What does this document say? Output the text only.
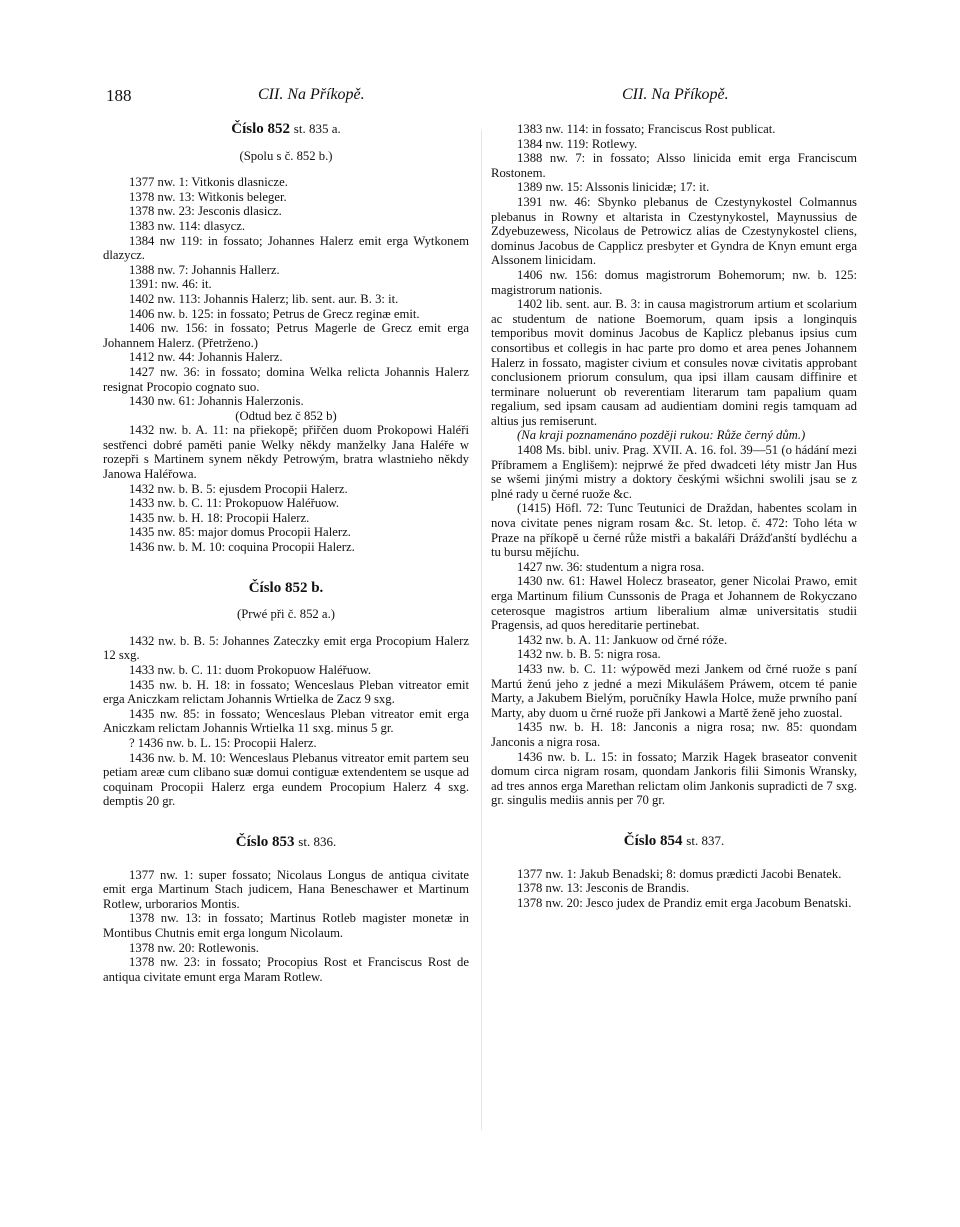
188	CII. Na Příkopě.	CII. Na Příkopě.
Číslo 852 st. 835 a.
(Spolu s č. 852 b.)

1377 nw. 1: Vitkonis dlasnicze.

1378 nw. 13: Witkonis beleger.

1378 nw. 23: Jesconis dlasicz.

1383 nw. 114: dlasycz.

1384 nw 119: in fossato; Johannes Halerz emit erga Wytkonem dlazycz.

1388 nw. 7: Johannis Hallerz.

1391: nw. 46: it.

1402 nw. 113: Johannis Halerz; lib. sent. aur. B. 3: it.

1406 nw. b. 125: in fossato; Petrus de Grecz reginæ emit.

1406 nw. 156: in fossato; Petrus Magerle de Grecz emit erga Johannem Halerz. (Přetrženo.)

1412 nw. 44: Johannis Halerz.

1427 nw. 36: in fossato; domina Welka relicta Johannis Halerz resignat Procopio cognato suo.

1430 nw. 61: Johannis Halerzonis.

(Odtud bez č 852 b)

1432 nw. b. A. 11: na přiekopě; přiřčen duom Prokopowi Haléři sestřenci dobré paměti panie Welky někdy manželky Jana Haléře w rozepři s Martinem synem někdy Petrowým, bratra wlastnieho někdy Janowa Haléřowa.

1432 nw. b. B. 5: ejusdem Procopii Halerz.

1433 nw. b. C. 11: Prokopuow Haléřuow.

1435 nw. b. H. 18: Procopii Halerz.

1435 nw. 85: major domus Procopii Halerz.

1436 nw. b. M. 10: coquina Procopii Halerz.

Číslo 852 b.
(Prwé při č. 852 a.)

1432 nw. b. B. 5: Johannes Zateczky emit erga Procopium Halerz 12 sxg.

1433 nw. b. C. 11: duom Prokopuow Haléřuow.

1435 nw. b. H. 18: in fossato; Wenceslaus Pleban vitreator emit erga Aniczkam relictam Johannis Wrtielka de Zacz 9 sxg.

1435 nw. 85: in fossato; Wenceslaus Pleban vitreator emit erga Aniczkam relictam Johannis Wrtielka 11 sxg. minus 5 gr.

? 1436 nw. b. L. 15: Procopii Halerz.

1436 nw. b. M. 10: Wenceslaus Plebanus vitreator emit partem seu petiam areæ cum clibano suæ domui contiguæ extendentem se usque ad coquinam Procopii Halerz erga eundem Procopium Halerz 4 sxg. demptis 20 gr.

Číslo 853 st. 836.

1377 nw. 1: super fossato; Nicolaus Longus de antiqua civitate emit erga Martinum Stach judicem, Hana Beneschawer et Martinum Rotlew, urborarios Montis.

1378 nw. 13: in fossato; Martinus Rotleb magister monetæ in Montibus Chutnis emit erga longum Nicolaum.

1378 nw. 20: Rotlewonis.

1378 nw. 23: in fossato; Procopius Rost et Franciscus Rost de antiqua civitate emunt erga Maram Rotlew.

1383 nw. 114: in fossato; Franciscus Rost publicat.

1384 nw. 119: Rotlewy.

1388 nw. 7: in fossato; Alsso linicida emit erga Franciscum Rostonem.

1389 nw. 15: Alssonis linicidæ; 17: it.

1391 nw. 46: Sbynko plebanus de Czestynykostel Colmannus plebanus in Rowny et altarista in Czestynykostel, Maynussius de Zdyebuzewess, Nicolaus de Petrowicz alias de Czestynykostel cliens, dominus Jacobus de Capplicz presbyter et Gyndra de Knyn emunt erga Alssonem linicidam.

1406 nw. 156: domus magistrorum Bohemorum; nw. b. 125: magistrorum nationis.

1402 lib. sent. aur. B. 3: in causa magistrorum artium et scolarium ac studentum de natione Boemorum, quam ipsis a longinquis temporibus movit dominus Jacobus de Kaplicz plebanus ipsius cum consortibus et collegis in hac parte pro domo et area penes Johannem Halerz in fossato, magister civium et consules novæ civitatis approbant conclusionem priorum consulum, qua ipsi illam causam diffinire et terminare noluerunt ob reverentiam literarum tam papalium quam regalium, sed ipsam causam ad audientiam domini regis tamquam ad altius jus remiserunt.

(Na kraji poznamenáno později rukou: Růže černý dům.)

1408 Ms. bibl. univ. Prag. XVII. A. 16. fol. 39—51 (o hádání mezi Příbramem a Englišem): nejprwé že před dwadceti léty mistr Jan Hus se wšemi jinými mistry a doktory českými wšichni swolili jsau se z plné rady u černé ruože &c.

(1415) Höfl. 72: Tunc Teutunici de Draždan, habentes scolam in nova civitate penes nigram rosam &c. St. letop. č. 472: Toho léta w Praze na příkopě u černé růže mistři a bakaláři Drážďanští bydléchu a tu bursu mějíchu.

1427 nw. 36: studentum a nigra rosa.

1430 nw. 61: Hawel Holecz braseator, gener Nicolai Prawo, emit erga Martinum filium Cunssonis de Praga et Johannem de Rokyczano ceterosque magistros artium liberalium almæ universitatis studii Pragensis, ad quos hereditarie pertinebat.

1432 nw. b. A. 11: Jankuow od črné róže.

1432 nw. b. B. 5: nigra rosa.

1433 nw. b. C. 11: wýpowěd mezi Jankem od črné ruože s paní Martú ženú jeho z jedné a mezi Mikulášem Práwem, otcem té panie Marty, a Jakubem Bielým, poručníky Hawla Holce, muže prwního paní Marty, aby duom u črné ruože při Jankowi a Martě ženě jeho zuostal.

1435 nw. b. H. 18: Janconis a nigra rosa; nw. 85: quondam Janconis a nigra rosa.

1436 nw. b. L. 15: in fossato; Marzik Hagek braseator convenit domum circa nigram rosam, quondam Jankoris filii Simonis Wransky, ad tres annos erga Marethan relictam olim Jankonis supradicti de 7 sxg. gr. singulis mediis annis per 70 gr.

Číslo 854 st. 837.

1377 nw. 1: Jakub Benadski; 8: domus prædicti Jacobi Benatek.

1378 nw. 13: Jesconis de Brandis.

1378 nw. 20: Jesco judex de Prandiz emit erga Jacobum Benatski.
